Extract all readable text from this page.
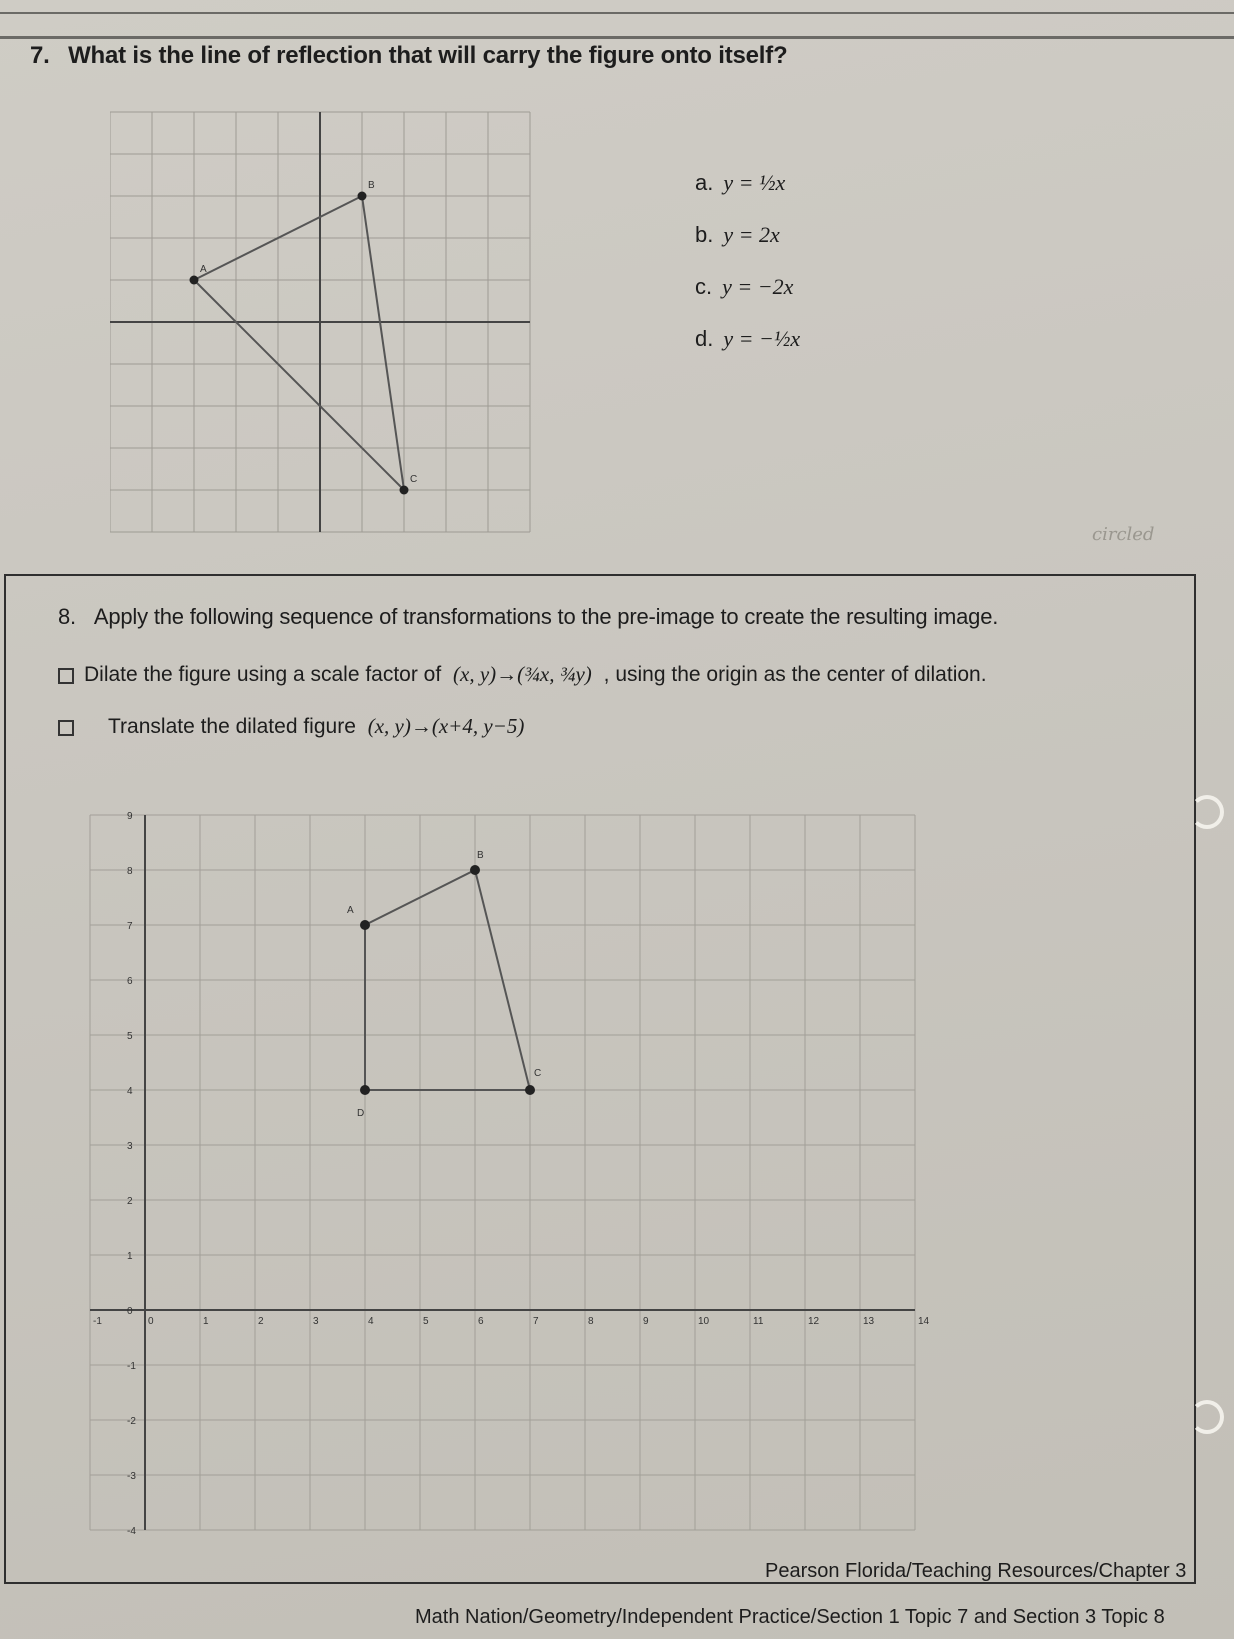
7. What is the line of reflection that will carry the figure onto itself?
A
B
C
a. y = ½x
b. y = 2x
c. y = −2x
d. y = −½x
circled
8. Apply the following sequence of transformations to the pre-image to create the resulting image.
Dilate the figure using a scale factor of (x, y)→(¾x, ¾y) , using the origin as the center of dilation.
Translate the dilated figure (x, y)→(x+4, y−5)
-1	0	1	2	3	4	5	6	7	8	9	10	11	12	13	14
9
8
7
6
5
4
3
2
1
0
-1
-2
-3
-4
A
B
C
D
Pearson Florida/Teaching Resources/Chapter 3
Math Nation/Geometry/Independent Practice/Section 1 Topic 7 and Section 3 Topic 8
